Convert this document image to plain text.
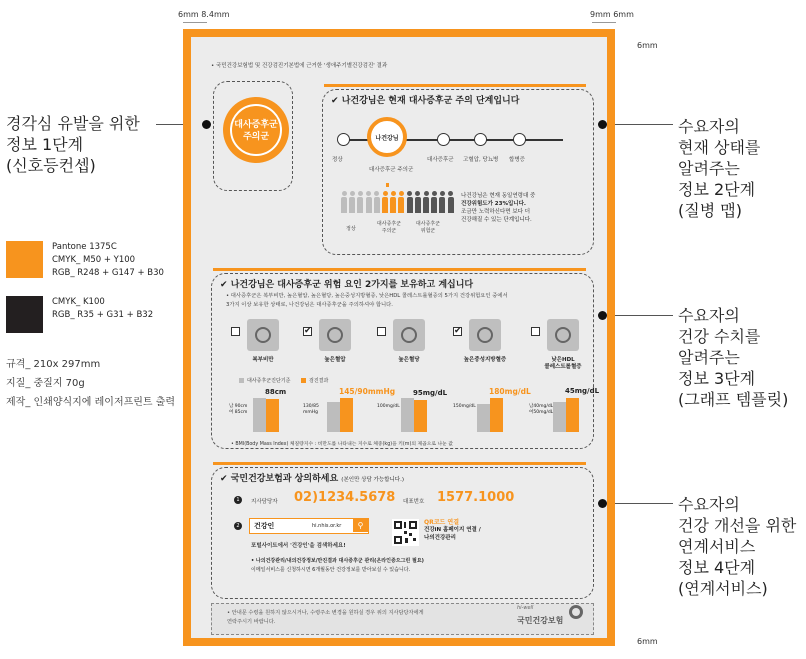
6mm 8.4mm	9mm 6mm
6mm
6mm
경각심 유발을 위한
정보 1단계
(신호등컨셉)
Pantone 1375C
CMYK_ M50 + Y100
RGB_ R248 + G147 + B30
CMYK_ K100
RGB_ R35 + G31 + B32
규격_ 210x 297mm
지질_ 중질지 70g
제작_ 인쇄양식지에 레이저프린트 출력
수요자의
현재 상태를
알려주는
정보 2단계
(질병 맵)
수요자의
건강 수치를
알려주는
정보 3단계
(그래프 템플릿)
수요자의
건강 개선을 위한
연계서비스
정보 4단계
(연계서비스)
• 국민건강보험법 및 건강검진기본법에 근거한 '생애주기별건강검진' 결과
대사증후군
주의군
✔ 나건강님은 현재 대사증후군 주의 단계입니다
나건강님
정상	대사증후군 고혈압, 당뇨병 합병증
대사증후군 주의군
정상
대사증후군
주의군
대사증후군
위험군
나건강님은 현재 동일연령대 중
건강위험도가 23%입니다.
조금만 노력하신다면 보다 더
건강해질 수 있는 단계입니다.
✔ 나건강님은 대사증후군 위험 요인 2가지를 보유하고 계십니다
• 대사증후군은 복부비만, 높은혈압, 높은혈당, 높은중성지방혈증, 낮은HDL 콜레스트롤혈증의 5가지 건강위험요인 중에서
3가지 이상 보유한 상태로, 나건강님은 대사증후군을 주의하셔야 합니다.
복부비만
✔
높은혈압	높은혈당
✔
높은중성지방혈증	낮은HDL
콜레스트롤혈증
대사증후군진단기준	검진결과
남 90cm
여 85cm
88cm
130/85
mmHg
145/90mmHg
100mg/dL
95mg/dL
150mg/dL
180mg/dL
남40mg/dL
여50mg/dL
45mg/dL
• BMI(Body Mass Index) 체질량지수 : 비만도를 나타내는 지수로 체중(kg)을 키(m)의 제곱으로 나눈 값
✔ 국민건강보험과 상의하세요 (본인만 상담 가능합니다.)
1	지사담당자 02)1234.5678 대표번호 1577.1000
2	건강인	hi.nhis.or.kr	⚲
포털사이트에서 '건강인'을 검색하세요!
QR코드 연결
건강iN 홈페이지 연결 /
나의건강관리
• 나의건강관리/내의건강정보/만진결과 대사증후군 관리(온라인증으그린 필요)
이메일서비스를 신청하시면 6개월동안 건강정보를 받아보실 수 있습니다.
• 안내문 수령을 원하지 않으시거나, 수령주소 변경을 원하실 경우 위의 지사담당자에게
연락주시기 바랍니다.
hi-well
국민건강보험
